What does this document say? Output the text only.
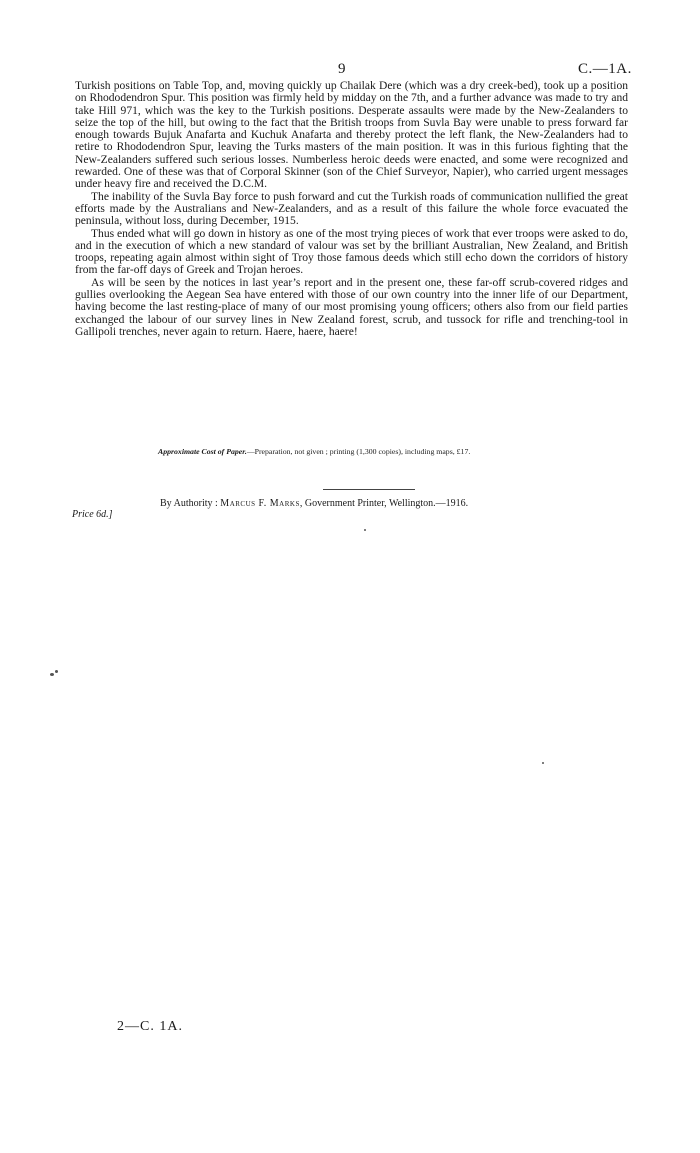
9	C.—1A.

Turkish positions on Table Top, and, moving quickly up Chailak Dere (which was a dry creek-bed), took up a position on Rhododendron Spur. This position was firmly held by midday on the 7th, and a further advance was made to try and take Hill 971, which was the key to the Turkish positions. Desperate assaults were made by the New-Zealanders to seize the top of the hill, but owing to the fact that the British troops from Suvla Bay were unable to press forward far enough towards Bujuk Anafarta and Kuchuk Anafarta and thereby protect the left flank, the New-Zealanders had to retire to Rhododendron Spur, leaving the Turks masters of the main position. It was in this furious fighting that the New-Zealanders suffered such serious losses. Numberless heroic deeds were enacted, and some were recognized and rewarded. One of these was that of Corporal Skinner (son of the Chief Surveyor, Napier), who carried urgent messages under heavy fire and received the D.C.M.

The inability of the Suvla Bay force to push forward and cut the Turkish roads of communication nullified the great efforts made by the Australians and New-Zealanders, and as a result of this failure the whole force evacuated the peninsula, without loss, during December, 1915.

Thus ended what will go down in history as one of the most trying pieces of work that ever troops were asked to do, and in the execution of which a new standard of valour was set by the brilliant Australian, New Zealand, and British troops, repeating again almost within sight of Troy those famous deeds which still echo down the corridors of history from the far-off days of Greek and Trojan heroes.

As will be seen by the notices in last year’s report and in the present one, these far-off scrub-covered ridges and gullies overlooking the Aegean Sea have entered with those of our own country into the inner life of our Department, having become the last resting-place of many of our most promising young officers; others also from our field parties exchanged the labour of our survey lines in New Zealand forest, scrub, and tussock for rifle and trenching-tool in Gallipoli trenches, never again to return. Haere, haere, haere!

Approximate Cost of Paper.—Preparation, not given ; printing (1,300 copies), including maps, £17.
By Authority : Marcus F. Marks, Government Printer, Wellington.—1916.
Price 6d.]
2—C. 1A.
